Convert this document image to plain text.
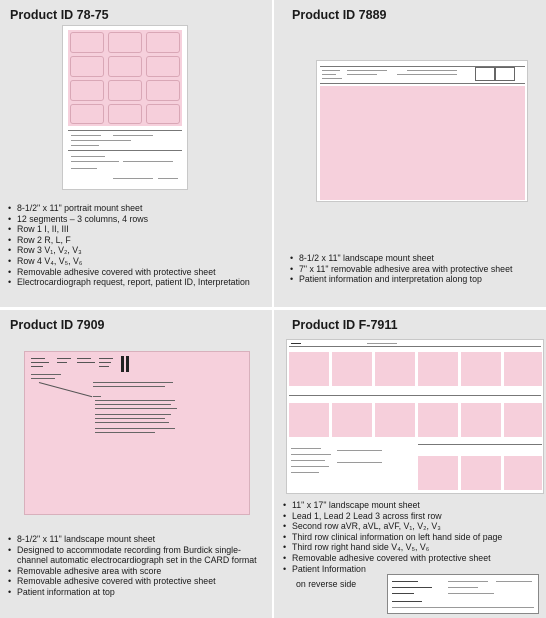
Product ID 78-75
• 8-1/2" x 11" portrait mount sheet
• 12 segments – 3 columns, 4 rows
• Row 1 I, II, III
• Row 2 R, L, F
• Row 3 V₁, V₂, V₃
• Row 4 V₄, V₅, V₆
• Removable adhesive covered with protective sheet
• Electrocardiograph request, report, patient ID, Interpretation
Product ID 7889
• 8-1/2 x 11" landscape mount sheet
• 7" x 11" removable adhesive area with protective sheet
• Patient information and interpretation along top
Product ID 7909
• 8-1/2" x 11" landscape mount sheet
• Designed to accommodate recording from Burdick single-channel automatic electrocardiograph set in the CARD format
• Removable adhesive area with score
• Removable adhesive covered with protective sheet
• Patient information at top
Product ID F-7911
• 11" x 17" landscape mount sheet
• Lead 1, Lead 2 Lead 3 across first row
• Second row aVR, aVL, aVF, V₁, V₂, V₃
• Third row clinical information on left hand side of page
• Third row right hand side V₄, V₅, V₆
• Removable adhesive covered with protective sheet
• Patient Information
on reverse side
